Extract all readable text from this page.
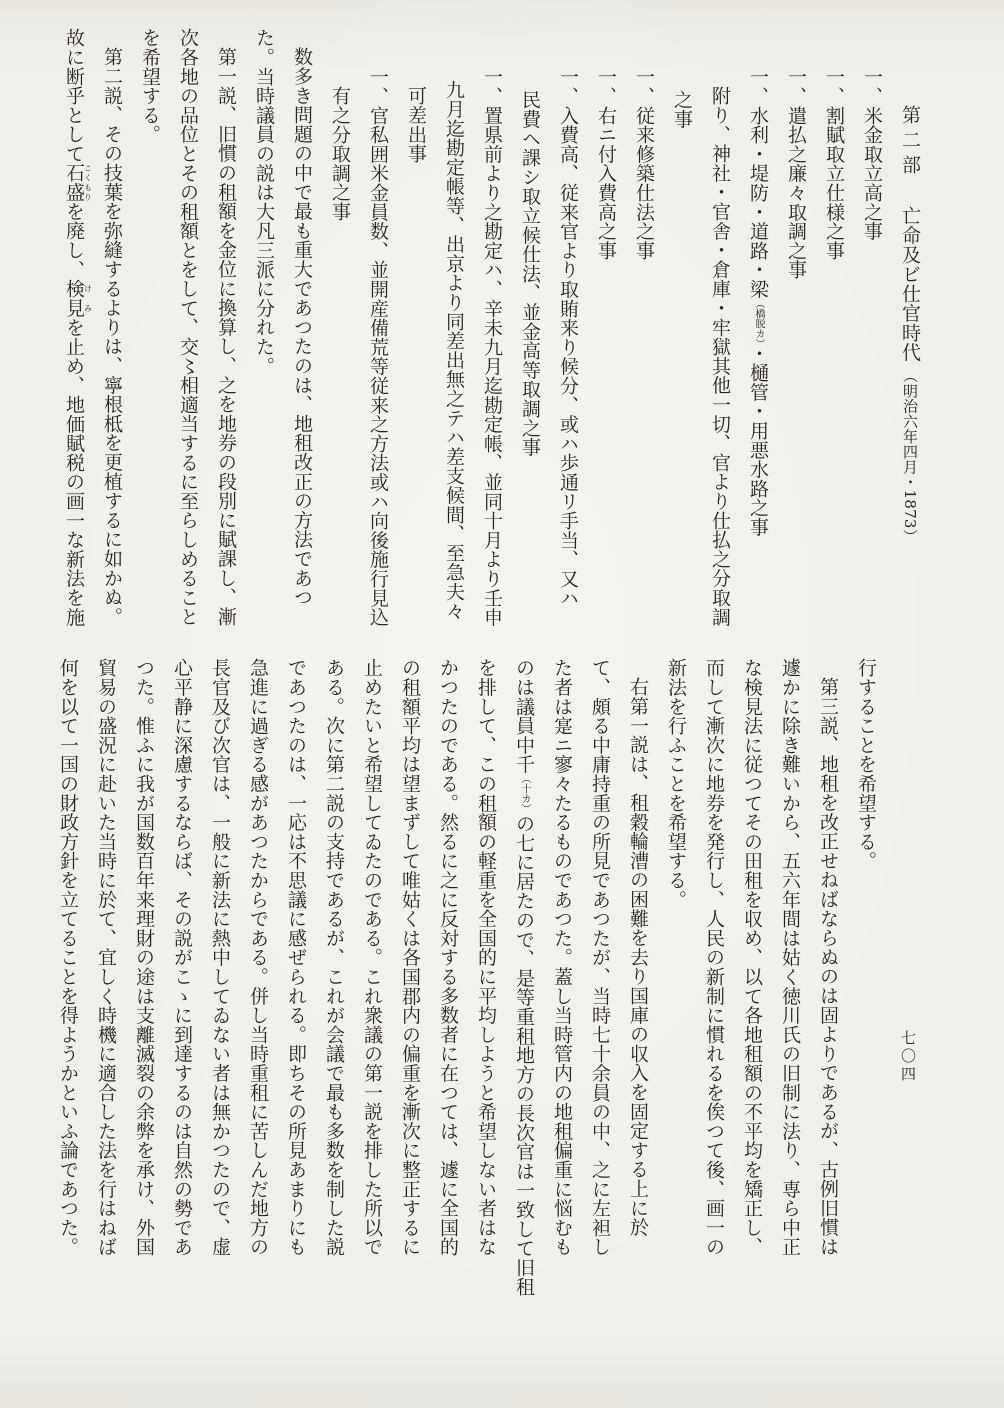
第二部亡命及ビ仕官時代（明治六年四月・1873）
一、米金取立高之事
一、割賦取立仕様之事
一、遣払之廉々取調之事
一、水利・堤防・道路・梁（橋脱カ）・樋管・用悪水路之事
附り、神社・官舎・倉庫・牢獄其他一切、官より仕払之分取調
之事
一、従来修築仕法之事
一、右ニ付入費高之事
一、入費高、従来官より取賄来り候分、或ハ歩通リ手当、又ハ
民費ヘ課シ取立候仕法、並金高等取調之事
一、置県前より之勘定ハ、辛未九月迄勘定帳、並同十月より壬申
九月迄勘定帳等、出京より同差出無之テハ差支候間、至急夫々
可差出事
一、官私囲米金員数、並開産備荒等従来之方法或ハ向後施行見込
有之分取調之事
数多き問題の中で最も重大であつたのは、地租改正の方法であつ
た。当時議員の説は大凡三派に分れた。
第一説、旧慣の租額を金位に換算し、之を地券の段別に賦課し、漸
次各地の品位とその租額とをして、交〻相適当するに至らしめること
を希望する。
第二説、その技葉を弥縫するよりは、寧根柢を更植するに如かぬ。
故に断乎として石盛こくもりを廃し、検見けみを止め、地価賦税の画一な新法を施
行することを希望する。
第三説、地租を改正せねばならぬのは固よりであるが、古例旧慣は
遽かに除き難いから、五六年間は姑く徳川氏の旧制に法り、専ら中正
な検見法に従つてその田租を収め、以て各地租額の不平均を矯正し、
而して漸次に地券を発行し、人民の新制に慣れるを俟つて後、画一の
新法を行ふことを希望する。
右第一説は、租穀輪漕の困難を去り国庫の収入を固定する上に於
て、頗る中庸持重の所見であつたが、当時七十余員の中、之に左袒し
た者は寔ニ寥々たるものであつた。蓋し当時管内の地租偏重に悩むも
のは議員中千（十カ）の七に居たので、是等重租地方の長次官は一致して旧租
を排して、この租額の軽重を全国的に平均しようと希望しない者はな
かつたのである。然るに之に反対する多数者に在つては、遽に全国的
の租額平均は望まずして唯姑くは各国郡内の偏重を漸次に整正するに
止めたいと希望してゐたのである。これ衆議の第一説を排した所以で
ある。次に第二説の支持であるが、これが会議で最も多数を制した説
であつたのは、一応は不思議に感ぜられる。即ちその所見あまりにも
急進に過ぎる感があつたからである。併し当時重租に苦しんだ地方の
長官及び次官は、一般に新法に熱中してゐない者は無かつたので、虚
心平静に深慮するならば、その説がこゝに到達するのは自然の勢であ
つた。惟ふに我が国数百年来理財の途は支離滅裂の余弊を承け、外国
貿易の盛況に赴いた当時に於て、宜しく時機に適合した法を行はねば
何を以て一国の財政方針を立てることを得ようかといふ論であつた。	七〇四
